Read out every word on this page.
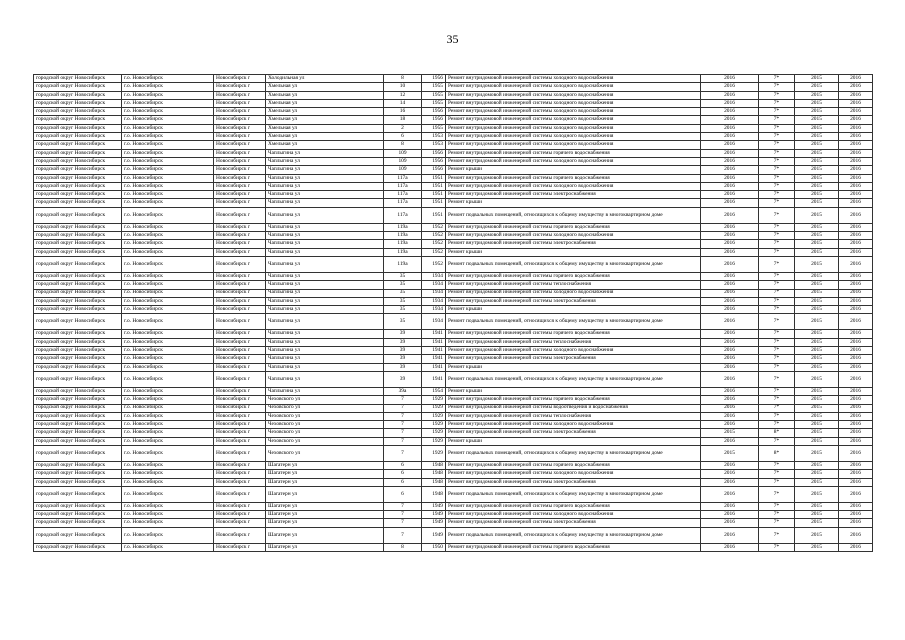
35
городской округ Новосибирск	г.о. Новосибирск	Новосибирск г	Холодильная ул	8	1956	Ремонт внутридомовой инженерной системы холодного водоснабжения	2016	7*	2015	2016
городской округ Новосибирск	г.о. Новосибирск	Новосибирск г	Хмельная ул	10	1955	Ремонт внутридомовой инженерной системы холодного водоснабжения	2016	7*	2015	2016
городской округ Новосибирск	г.о. Новосибирск	Новосибирск г	Хмельная ул	12	1955	Ремонт внутридомовой инженерной системы холодного водоснабжения	2016	7*	2015	2016
городской округ Новосибирск	г.о. Новосибирск	Новосибирск г	Хмельная ул	14	1955	Ремонт внутридомовой инженерной системы холодного водоснабжения	2016	7*	2015	2016
городской округ Новосибирск	г.о. Новосибирск	Новосибирск г	Хмельная ул	16	1956	Ремонт внутридомовой инженерной системы холодного водоснабжения	2016	7*	2015	2016
городской округ Новосибирск	г.о. Новосибирск	Новосибирск г	Хмельная ул	18	1956	Ремонт внутридомовой инженерной системы холодного водоснабжения	2016	7*	2015	2016
городской округ Новосибирск	г.о. Новосибирск	Новосибирск г	Хмельная ул	2	1955	Ремонт внутридомовой инженерной системы холодного водоснабжения	2016	7*	2015	2016
городской округ Новосибирск	г.о. Новосибирск	Новосибирск г	Хмельная ул	6	1953	Ремонт внутридомовой инженерной системы холодного водоснабжения	2016	7*	2015	2016
городской округ Новосибирск	г.о. Новосибирск	Новосибирск г	Хмельная ул	8	1953	Ремонт внутридомовой инженерной системы холодного водоснабжения	2016	7*	2015	2016
городской округ Новосибирск	г.о. Новосибирск	Новосибирск г	Чаплыгина ул	109	1956	Ремонт внутридомовой инженерной системы горячего водоснабжения	2016	7*	2015	2016
городской округ Новосибирск	г.о. Новосибирск	Новосибирск г	Чаплыгина ул	109	1956	Ремонт внутридомовой инженерной системы холодного водоснабжения	2016	7*	2015	2016
городской округ Новосибирск	г.о. Новосибирск	Новосибирск г	Чаплыгина ул	109	1956	Ремонт крыши	2016	7*	2015	2016
городской округ Новосибирск	г.о. Новосибирск	Новосибирск г	Чаплыгина ул	117а	1951	Ремонт внутридомовой инженерной системы горячего водоснабжения	2016	7*	2015	2016
городской округ Новосибирск	г.о. Новосибирск	Новосибирск г	Чаплыгина ул	117а	1951	Ремонт внутридомовой инженерной системы холодного водоснабжения	2016	7*	2015	2016
городской округ Новосибирск	г.о. Новосибирск	Новосибирск г	Чаплыгина ул	117а	1951	Ремонт внутридомовой инженерной системы электроснабжения	2016	7*	2015	2016
городской округ Новосибирск	г.о. Новосибирск	Новосибирск г	Чаплыгина ул	117а	1951	Ремонт крыши	2016	7*	2015	2016
городской округ Новосибирск	г.о. Новосибирск	Новосибирск г	Чаплыгина ул	117а	1951	Ремонт подвальных помещений, относящихся к общему имуществу в многоквартирном доме	2016	7*	2015	2016
городской округ Новосибирск	г.о. Новосибирск	Новосибирск г	Чаплыгина ул	119а	1952	Ремонт внутридомовой инженерной системы горячего водоснабжения	2016	7*	2015	2016
городской округ Новосибирск	г.о. Новосибирск	Новосибирск г	Чаплыгина ул	119а	1952	Ремонт внутридомовой инженерной системы холодного водоснабжения	2016	7*	2015	2016
городской округ Новосибирск	г.о. Новосибирск	Новосибирск г	Чаплыгина ул	119а	1952	Ремонт внутридомовой инженерной системы электроснабжения	2016	7*	2015	2016
городской округ Новосибирск	г.о. Новосибирск	Новосибирск г	Чаплыгина ул	119а	1952	Ремонт крыши	2016	7*	2015	2016
городской округ Новосибирск	г.о. Новосибирск	Новосибирск г	Чаплыгина ул	119а	1952	Ремонт подвальных помещений, относящихся к общему имуществу в многоквартирном доме	2016	7*	2015	2016
городской округ Новосибирск	г.о. Новосибирск	Новосибирск г	Чаплыгина ул	35	1934	Ремонт внутридомовой инженерной системы горячего водоснабжения	2016	7*	2015	2016
городской округ Новосибирск	г.о. Новосибирск	Новосибирск г	Чаплыгина ул	35	1934	Ремонт внутридомовой инженерной системы теплоснабжения	2016	7*	2015	2016
городской округ Новосибирск	г.о. Новосибирск	Новосибирск г	Чаплыгина ул	35	1934	Ремонт внутридомовой инженерной системы холодного водоснабжения	2016	7*	2015	2016
городской округ Новосибирск	г.о. Новосибирск	Новосибирск г	Чаплыгина ул	35	1934	Ремонт внутридомовой инженерной системы электроснабжения	2016	7*	2015	2016
городской округ Новосибирск	г.о. Новосибирск	Новосибирск г	Чаплыгина ул	35	1934	Ремонт крыши	2016	7*	2015	2016
городской округ Новосибирск	г.о. Новосибирск	Новосибирск г	Чаплыгина ул	35	1934	Ремонт подвальных помещений, относящихся к общему имуществу в многоквартирном доме	2016	7*	2015	2016
городской округ Новосибирск	г.о. Новосибирск	Новосибирск г	Чаплыгина ул	39	1941	Ремонт внутридомовой инженерной системы горячего водоснабжения	2016	7*	2015	2016
городской округ Новосибирск	г.о. Новосибирск	Новосибирск г	Чаплыгина ул	39	1941	Ремонт внутридомовой инженерной системы теплоснабжения	2016	7*	2015	2016
городской округ Новосибирск	г.о. Новосибирск	Новосибирск г	Чаплыгина ул	39	1941	Ремонт внутридомовой инженерной системы холодного водоснабжения	2016	7*	2015	2016
городской округ Новосибирск	г.о. Новосибирск	Новосибирск г	Чаплыгина ул	39	1941	Ремонт внутридомовой инженерной системы электроснабжения	2016	7*	2015	2016
городской округ Новосибирск	г.о. Новосибирск	Новосибирск г	Чаплыгина ул	39	1941	Ремонт крыши	2016	7*	2015	2016
городской округ Новосибирск	г.о. Новосибирск	Новосибирск г	Чаплыгина ул	39	1941	Ремонт подвальных помещений, относящихся к общему имуществу в многоквартирном доме	2016	7*	2015	2016
городской округ Новосибирск	г.о. Новосибирск	Новосибирск г	Чаплыгина ул	39а	1954	Ремонт крыши	2016	7*	2015	2016
городской округ Новосибирск	г.о. Новосибирск	Новосибирск г	Чеховского ул	7	1929	Ремонт внутридомовой инженерной системы горячего водоснабжения	2016	7*	2015	2016
городской округ Новосибирск	г.о. Новосибирск	Новосибирск г	Чеховского ул	7	1929	Ремонт внутридомовой инженерной системы водоотведения и водоснабжения	2016	7*	2015	2016
городской округ Новосибирск	г.о. Новосибирск	Новосибирск г	Чеховского ул	7	1929	Ремонт внутридомовой инженерной системы теплоснабжения	2016	7*	2015	2016
городской округ Новосибирск	г.о. Новосибирск	Новосибирск г	Чеховского ул	7	1929	Ремонт внутридомовой инженерной системы холодного водоснабжения	2016	7*	2015	2016
городской округ Новосибирск	г.о. Новосибирск	Новосибирск г	Чеховского ул	7	1929	Ремонт внутридомовой инженерной системы электроснабжения	2015	8*	2015	2016
городской округ Новосибирск	г.о. Новосибирск	Новосибирск г	Чеховского ул	7	1929	Ремонт крыши	2016	7*	2015	2016
городской округ Новосибирск	г.о. Новосибирск	Новосибирск г	Чеховского ул	7	1929	Ремонт подвальных помещений, относящихся к общему имуществу в многоквартирном доме	2015	8*	2015	2016
городской округ Новосибирск	г.о. Новосибирск	Новосибирск г	Шагатерн ул	6	1948	Ремонт внутридомовой инженерной системы горячего водоснабжения	2016	7*	2015	2016
городской округ Новосибирск	г.о. Новосибирск	Новосибирск г	Шагатерн ул	6	1948	Ремонт внутридомовой инженерной системы холодного водоснабжения	2016	7*	2015	2016
городской округ Новосибирск	г.о. Новосибирск	Новосибирск г	Шагатерн ул	6	1948	Ремонт внутридомовой инженерной системы электроснабжения	2016	7*	2015	2016
городской округ Новосибирск	г.о. Новосибирск	Новосибирск г	Шагатерн ул	6	1948	Ремонт подвальных помещений, относящихся к общему имуществу в многоквартирном доме	2016	7*	2015	2016
городской округ Новосибирск	г.о. Новосибирск	Новосибирск г	Шагатерн ул	7	1949	Ремонт внутридомовой инженерной системы горячего водоснабжения	2016	7*	2015	2016
городской округ Новосибирск	г.о. Новосибирск	Новосибирск г	Шагатерн ул	7	1949	Ремонт внутридомовой инженерной системы холодного водоснабжения	2016	7*	2015	2016
городской округ Новосибирск	г.о. Новосибирск	Новосибирск г	Шагатерн ул	7	1949	Ремонт внутридомовой инженерной системы электроснабжения	2016	7*	2015	2016
городской округ Новосибирск	г.о. Новосибирск	Новосибирск г	Шагатерн ул	7	1949	Ремонт подвальных помещений, относящихся к общему имуществу в многоквартирном доме	2016	7*	2015	2016
городской округ Новосибирск	г.о. Новосибирск	Новосибирск г	Шагатерн ул	8	1950	Ремонт внутридомовой инженерной системы горячего водоснабжения	2016	7*	2015	2016
